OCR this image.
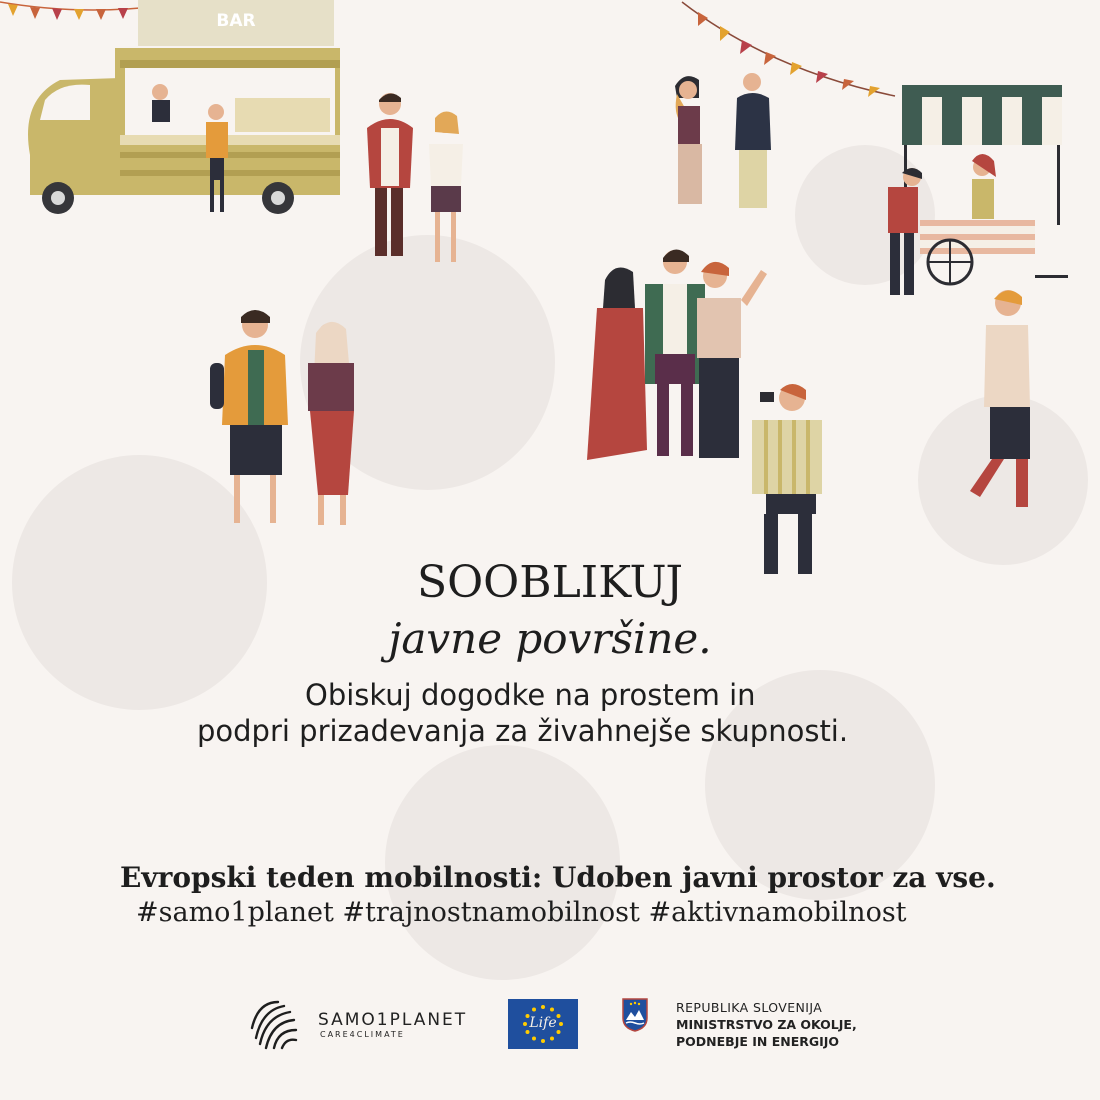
BAR
SOOBLIKUJ
javne površine.
Obiskuj dogodke na prostem in
podpri prizadevanja za živahnejše skupnosti.
Evropski teden mobilnosti: Udoben javni prostor za vse.
#samo1planet #trajnostnamobilnost #aktivnamobilnost
SAMO1PLANET
CARE4CLIMATE
Life
REPUBLIKA SLOVENIJA
MINISTRSTVO ZA OKOLJE,
PODNEBJE IN ENERGIJO
